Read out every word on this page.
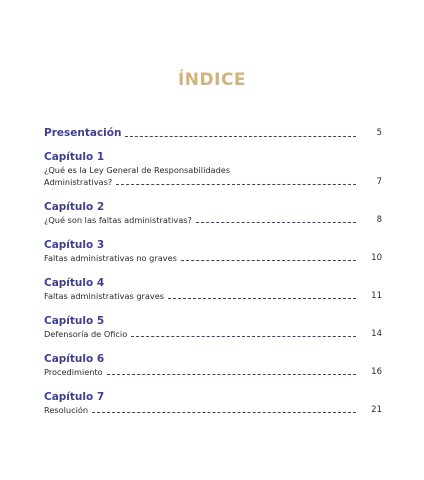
ÍNDICE
Presentación	5
Capítulo 1
¿Qué es la Ley General de Responsabilidades
Administrativas?	7
Capítulo 2
¿Qué son las faltas administrativas?	8
Capítulo 3
Faltas administrativas no graves	10
Capítulo 4
Faltas administrativas graves	11
Capítulo 5
Defensoría de Oficio	14
Capítulo 6
Procedimiento	16
Capítulo 7
Resolución	21
